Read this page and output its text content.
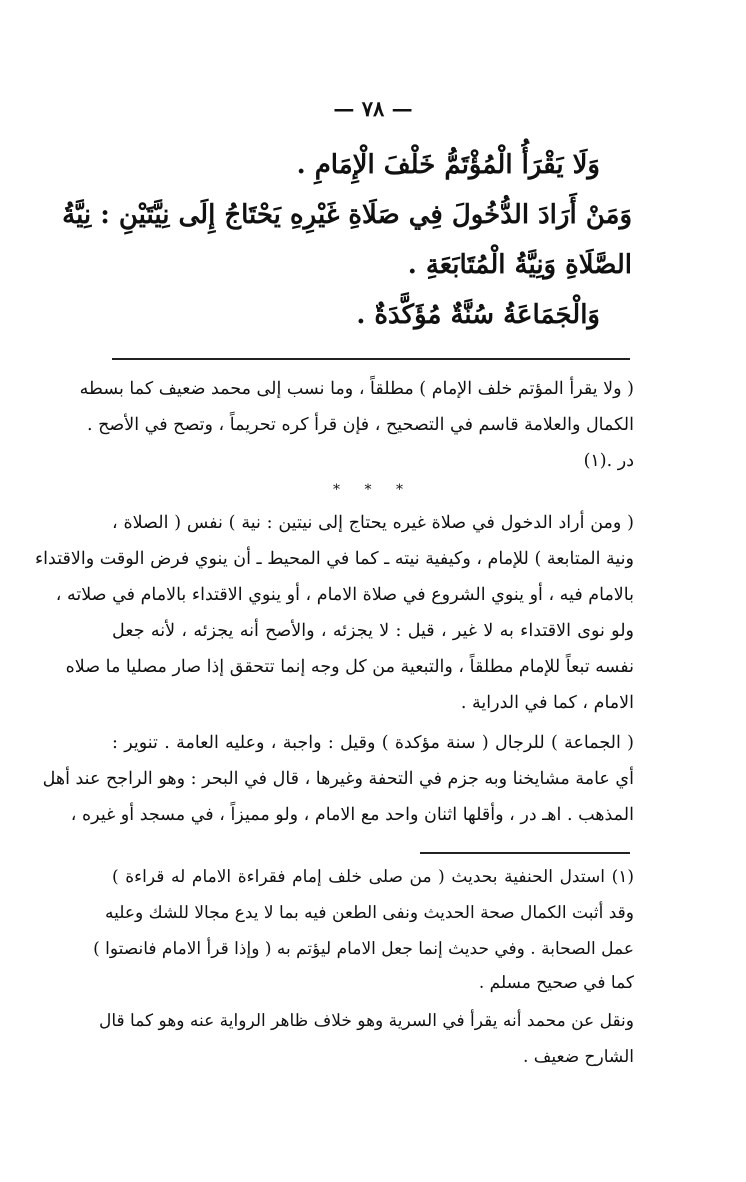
— ٧٨ —
وَلَا يَقْرَأُ الْمُؤْتَمُّ خَلْفَ الْإِمَامِ .
وَمَنْ أَرَادَ الدُّخُولَ فِي صَلَاةِ غَيْرِهِ يَحْتَاجُ إِلَى نِيَّتَيْنِ : نِيَّةُ
الصَّلَاةِ وَنِيَّةُ الْمُتَابَعَةِ .
وَالْجَمَاعَةُ سُنَّةٌ مُؤَكَّدَةٌ .
( ولا يقرأ المؤتم خلف الإمام ) مطلقاً ، وما نسب إلى محمد ضعيف كما بسطه
الكمال والعلامة قاسم في التصحيح ، فإن قرأ كره تحريماً ، وتصح في الأصح .
در .(١)
* * *
( ومن أراد الدخول في صلاة غيره يحتاج إلى نيتين : نية ) نفس ( الصلاة ،
ونية المتابعة ) للإمام ، وكيفية نيته ـ كما في المحيط ـ أن ينوي فرض الوقت والاقتداء
بالامام فيه ، أو ينوي الشروع في صلاة الامام ، أو ينوي الاقتداء بالامام في صلاته ،
ولو نوى الاقتداء به لا غير ، قيل : لا يجزئه ، والأصح أنه يجزئه ، لأنه جعل
نفسه تبعاً للإمام مطلقاً ، والتبعية من كل وجه إنما تتحقق إذا صار مصليا ما صلاه
الامام ، كما في الدراية .
( الجماعة ) للرجال ( سنة مؤكدة ) وقيل : واجبة ، وعليه العامة . تنوير :
أي عامة مشايخنا وبه جزم في التحفة وغيرها ، قال في البحر : وهو الراجح عند أهل
المذهب . اهـ در ، وأقلها اثنان واحد مع الامام ، ولو مميزاً ، في مسجد أو غيره ،
(١) استدل الحنفية بحديث ( من صلى خلف إمام فقراءة الامام له قراءة )
وقد أثبت الكمال صحة الحديث ونفى الطعن فيه بما لا يدع مجالا للشك وعليه
عمل الصحابة . وفي حديث إنما جعل الامام ليؤتم به ( وإذا قرأ الامام فانصتوا )
كما في صحيح مسلم .
ونقل عن محمد أنه يقرأ في السرية وهو خلاف ظاهر الرواية عنه وهو كما قال
الشارح ضعيف .
